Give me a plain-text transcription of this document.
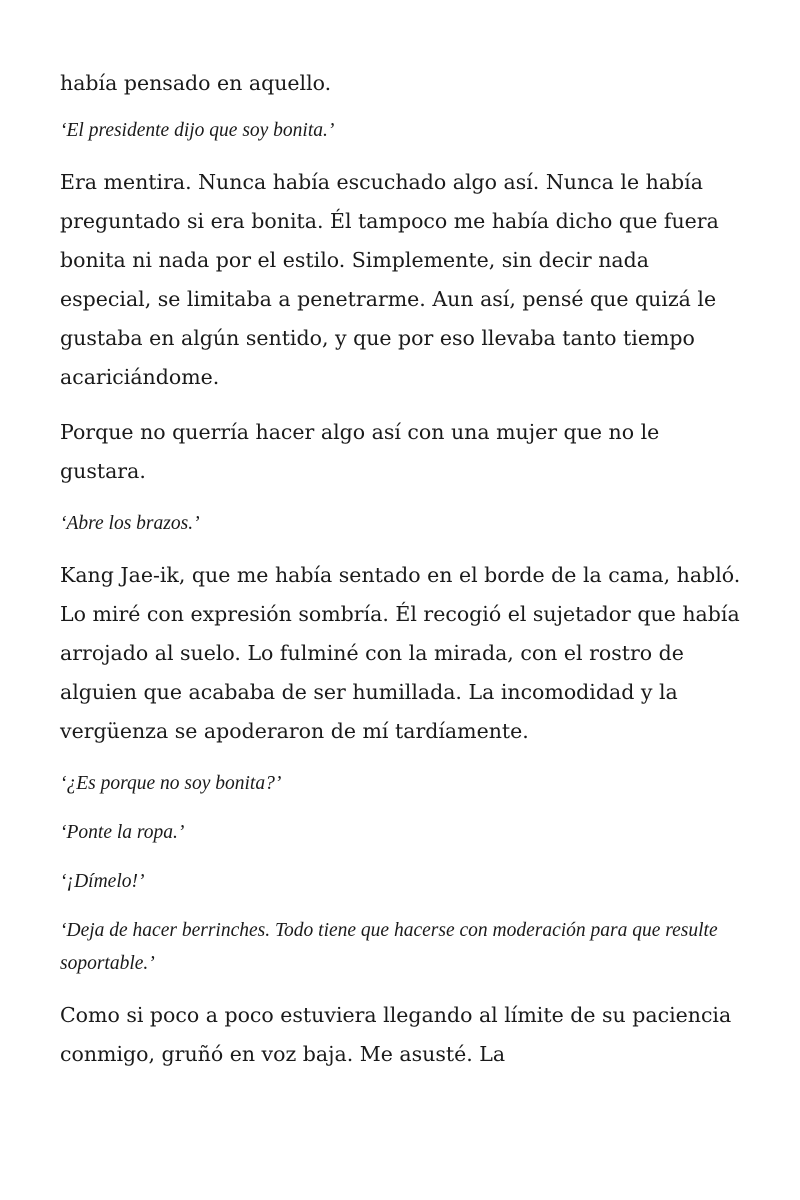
había pensado en aquello.

‘El presidente dijo que soy bonita.’

Era mentira. Nunca había escuchado algo así. Nunca le había preguntado si era bonita. Él tampoco me había dicho que fuera bonita ni nada por el estilo. Simplemente, sin decir nada especial, se limitaba a penetrarme. Aun así, pensé que quizá le gustaba en algún sentido, y que por eso llevaba tanto tiempo acariciándome.

Porque no querría hacer algo así con una mujer que no le gustara.

‘Abre los brazos.’

Kang Jae-ik, que me había sentado en el borde de la cama, habló. Lo miré con expresión sombría. Él recogió el sujetador que había arrojado al suelo. Lo fulminé con la mirada, con el rostro de alguien que acababa de ser humillada. La incomodidad y la vergüenza se apoderaron de mí tardíamente.

‘¿Es porque no soy bonita?’

‘Ponte la ropa.’

‘¡Dímelo!’

‘Deja de hacer berrinches. Todo tiene que hacerse con moderación para que resulte soportable.’

Como si poco a poco estuviera llegando al límite de su paciencia conmigo, gruñó en voz baja. Me asusté. La
